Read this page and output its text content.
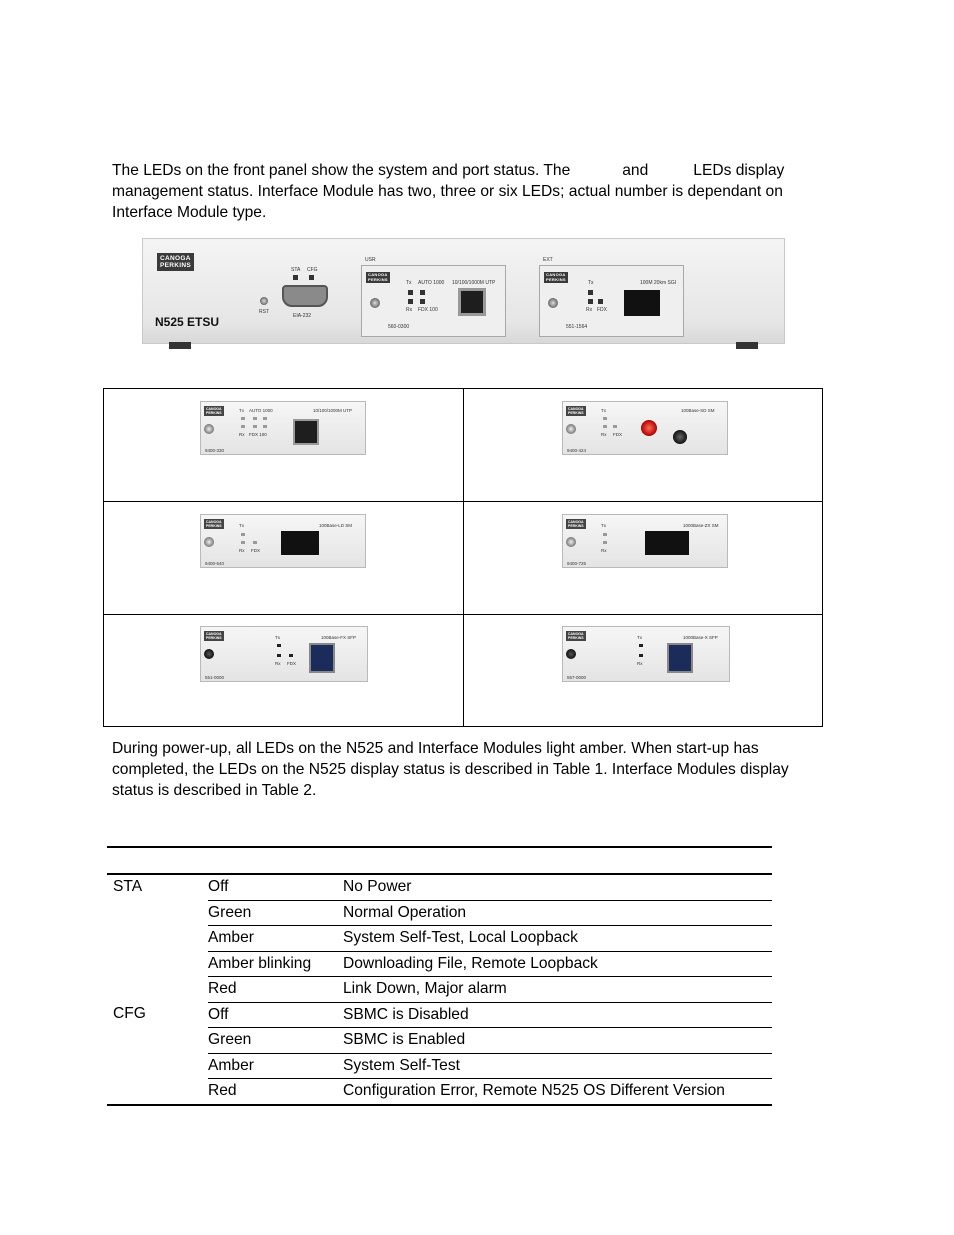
The LEDs on the front panel show the system and port status. The	and	LEDs display management status. Interface Module has two, three or six LEDs; actual number is dependant on Interface Module type.

CANOGA
PERKINS
N525 ETSU
STA CFG
RST
EIA-232
USR
CANOGA
PERKINS
Tx AUTO 1000
Rx FDX 100
10/100/1000M UTP
560-0300
EXT
CANOGA
PERKINS
Tx
Rx FDX
100M 20km SGI
551-1564
CANOGA
PERKINS	Tx AUTO 1000
Rx FDX 100
10/100/1000M UTP
9400-330
CANOGA
PERKINS	Tx
Rx FDX
100Base-SD SM
9400-424
CANOGA
PERKINS	Tx
Rx FDX
100Base-LD SM
9400-540
CANOGA
PERKINS	Tx
Rx
1000Base-ZX SM
9400-725
CANOGA
PERKINS	Tx
Rx FDX
100Base-FX SFP
551-0000
CANOGA
PERKINS	Tx
Rx
1000Base-X SFP
557-0000

During power-up, all LEDs on the N525 and Interface Modules light amber. When start-up has completed, the LEDs on the N525 display status is described in Table 1. Interface Modules display status is described in Table 2.

STA	Off	No Power
	Green	Normal Operation
	Amber	System Self-Test, Local Loopback
	Amber blinking	Downloading File, Remote Loopback
	Red	Link Down, Major alarm
CFG	Off	SBMC is Disabled
	Green	SBMC is Enabled
	Amber	System Self-Test
	Red	Configuration Error, Remote N525 OS Different Version
